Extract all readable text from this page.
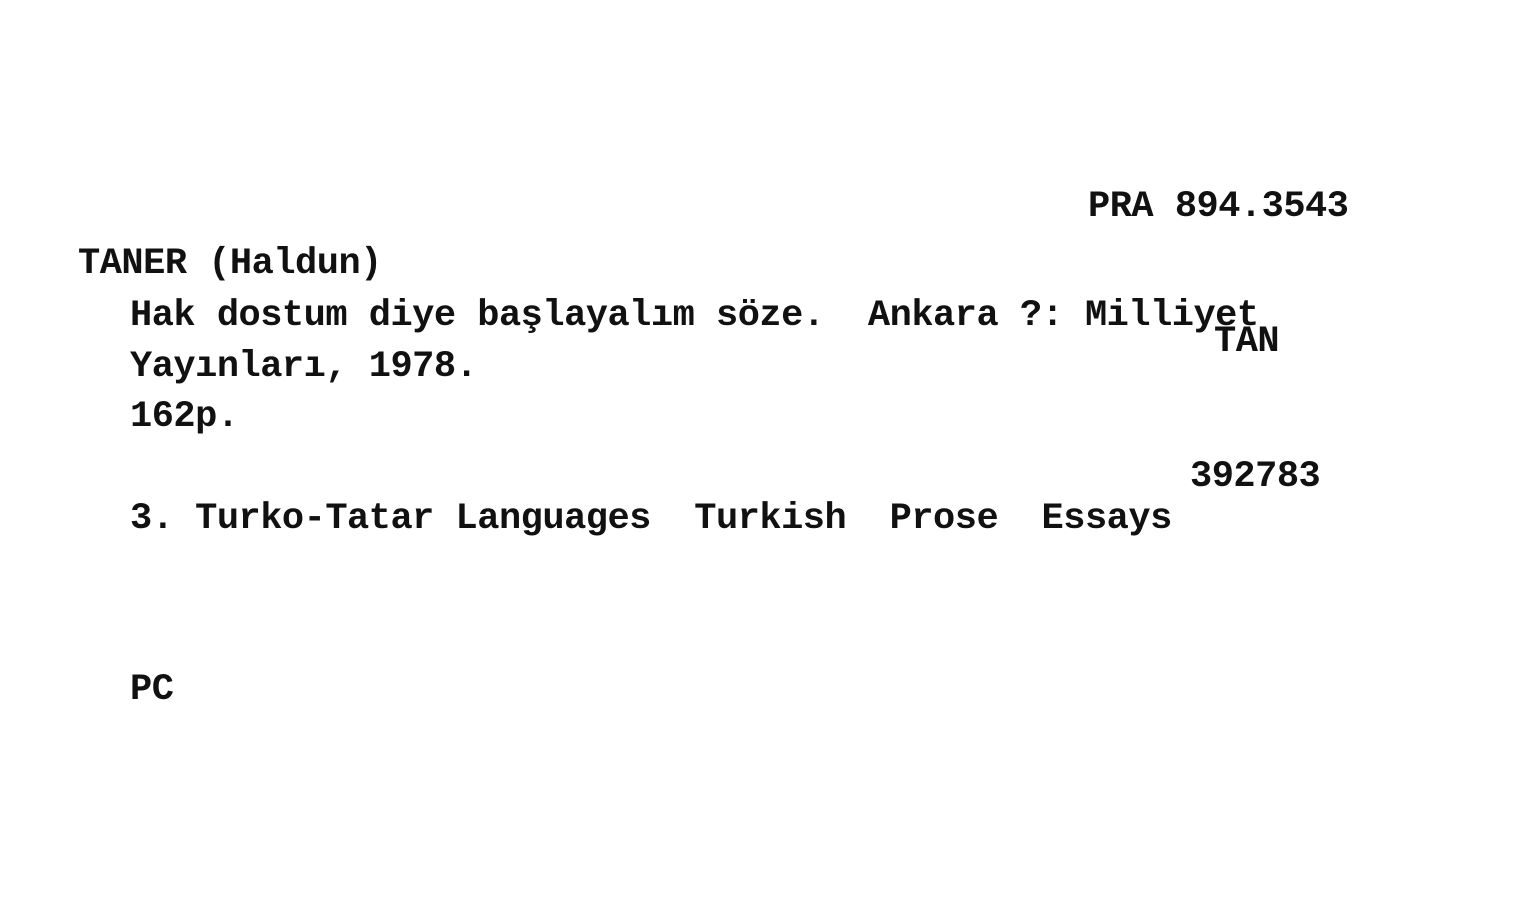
PRA 894.3543

TAN

392783

TANER (Haldun)

Hak dostum diye başlayalım söze.  Ankara ?: Milliyet

Yayınları, 1978.

162p.

3. Turko-Tatar Languages  Turkish  Prose  Essays

PC
